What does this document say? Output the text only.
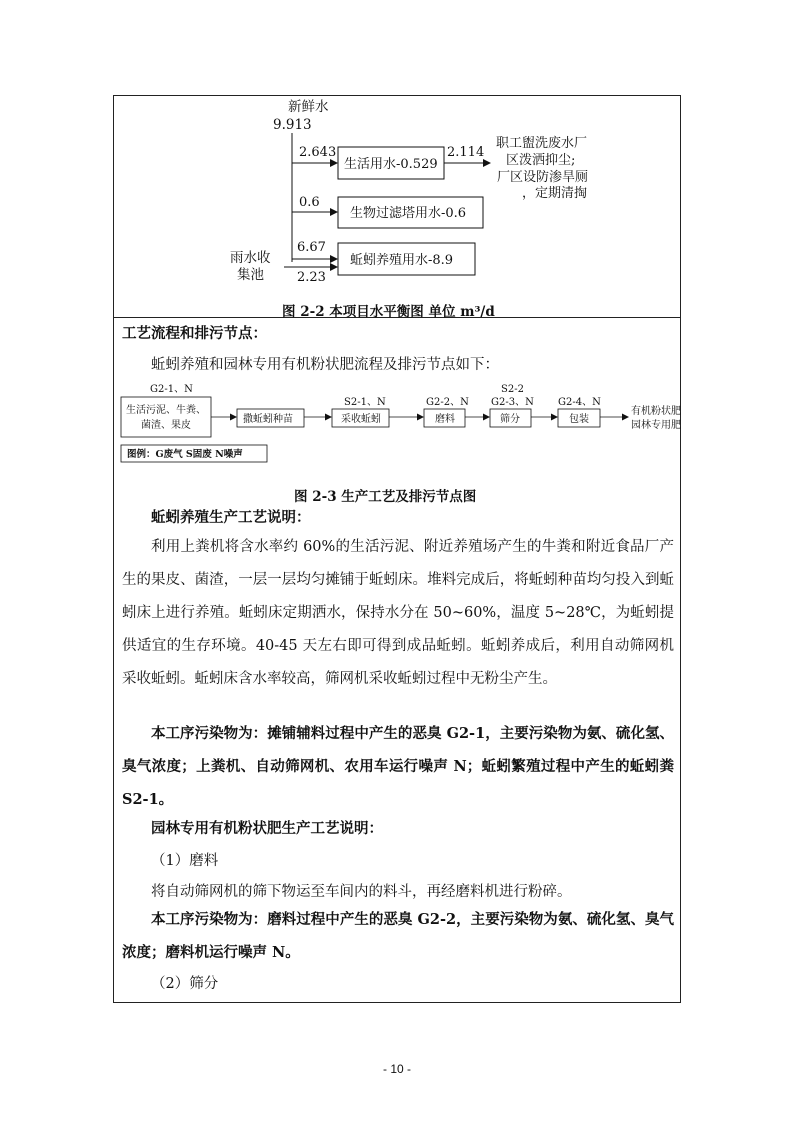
新鲜水
9.913
2.643
生活用水-0.529
2.114
职工盥洗废水厂
区泼洒抑尘;
厂区设防渗旱厕
，定期清掏
0.6
生物过滤塔用水-0.6
6.67
雨水收
集池	2.23
蚯蚓养殖用水-8.9
图 2-2 本项目水平衡图 单位 m³/d
工艺流程和排污节点：
蚯蚓养殖和园林专用有机粉状肥流程及排污节点如下：
G2-1、N
生活污泥、牛粪、
菌渣、果皮
撒蚯蚓种苗
S2-1、N
采收蚯蚓
G2-2、N
磨料
S2-2
G2-3、N
筛分
G2-4、N
包装
有机粉状肥
园林专用肥
图例：G废气 S固废 N噪声
图 2-3 生产工艺及排污节点图
蚯蚓养殖生产工艺说明：
利用上粪机将含水率约 60%的生活污泥、附近养殖场产生的牛粪和附近食品厂产生的果皮、菌渣，一层一层均匀摊铺于蚯蚓床。堆料完成后，将蚯蚓种苗均匀投入到蚯蚓床上进行养殖。蚯蚓床定期洒水，保持水分在 50~60%，温度 5~28℃，为蚯蚓提供适宜的生存环境。40-45 天左右即可得到成品蚯蚓。蚯蚓养成后，利用自动筛网机采收蚯蚓。蚯蚓床含水率较高，筛网机采收蚯蚓过程中无粉尘产生。
本工序污染物为：摊铺辅料过程中产生的恶臭 G2-1，主要污染物为氨、硫化氢、臭气浓度；上粪机、自动筛网机、农用车运行噪声 N；蚯蚓繁殖过程中产生的蚯蚓粪 S2-1。
园林专用有机粉状肥生产工艺说明：
（1）磨料
将自动筛网机的筛下物运至车间内的料斗，再经磨料机进行粉碎。
本工序污染物为：磨料过程中产生的恶臭 G2-2，主要污染物为氨、硫化氢、臭气浓度；磨料机运行噪声 N。
（2）筛分
- 10 -
